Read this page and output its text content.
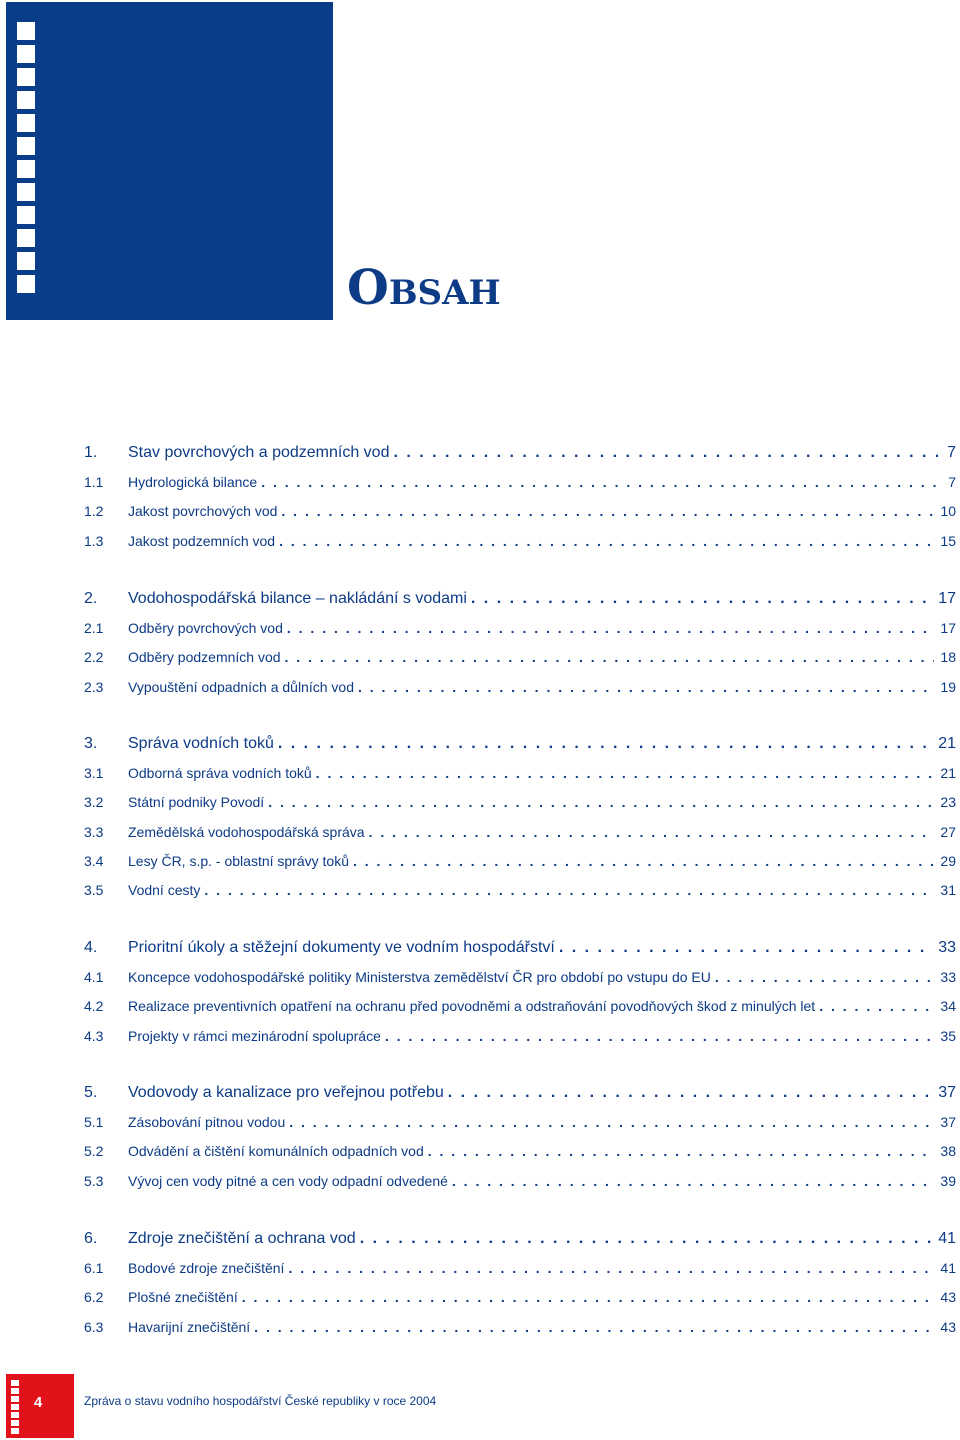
Obsah
1.	Stav povrchových a podzemních vod . . .	7
1.1	Hydrologická bilance . . .	7
1.2	Jakost povrchových vod . . .	10
1.3	Jakost podzemních vod . . .	15
2.	Vodohospodářská bilance – nakládání s vodami . . .	17
2.1	Odběry povrchových vod . . .	17
2.2	Odběry podzemních vod . . .	18
2.3	Vypouštění odpadních a důlních vod . . .	19
3.	Správa vodních toků . . .	21
3.1	Odborná správa vodních toků . . .	21
3.2	Státní podniky Povodí . . .	23
3.3	Zemědělská vodohospodářská správa . . .	27
3.4	Lesy ČR, s.p. - oblastní správy toků . . .	29
3.5	Vodní cesty . . .	31
4.	Prioritní úkoly a stěžejní dokumenty ve vodním hospodářství . . .	33
4.1	Koncepce vodohospodářské politiky Ministerstva zemědělství ČR pro období po vstupu do EU . . .	33
4.2	Realizace preventivních opatření na ochranu před povodněmi a odstraňování povodňových škod z minulých let . . .	34
4.3	Projekty v rámci mezinárodní spolupráce . . .	35
5.	Vodovody a kanalizace pro veřejnou potřebu . . .	37
5.1	Zásobování pitnou vodou . . .	37
5.2	Odvádění a čištění komunálních odpadních vod . . .	38
5.3	Vývoj cen vody pitné a cen vody odpadní odvedené . . .	39
6.	Zdroje znečištění a ochrana vod . . .	41
6.1	Bodové zdroje znečištění . . .	41
6.2	Plošné znečištění . . .	43
6.3	Havarijní znečištění . . .	43
4	Zpráva o stavu vodního hospodářství České republiky v roce 2004
